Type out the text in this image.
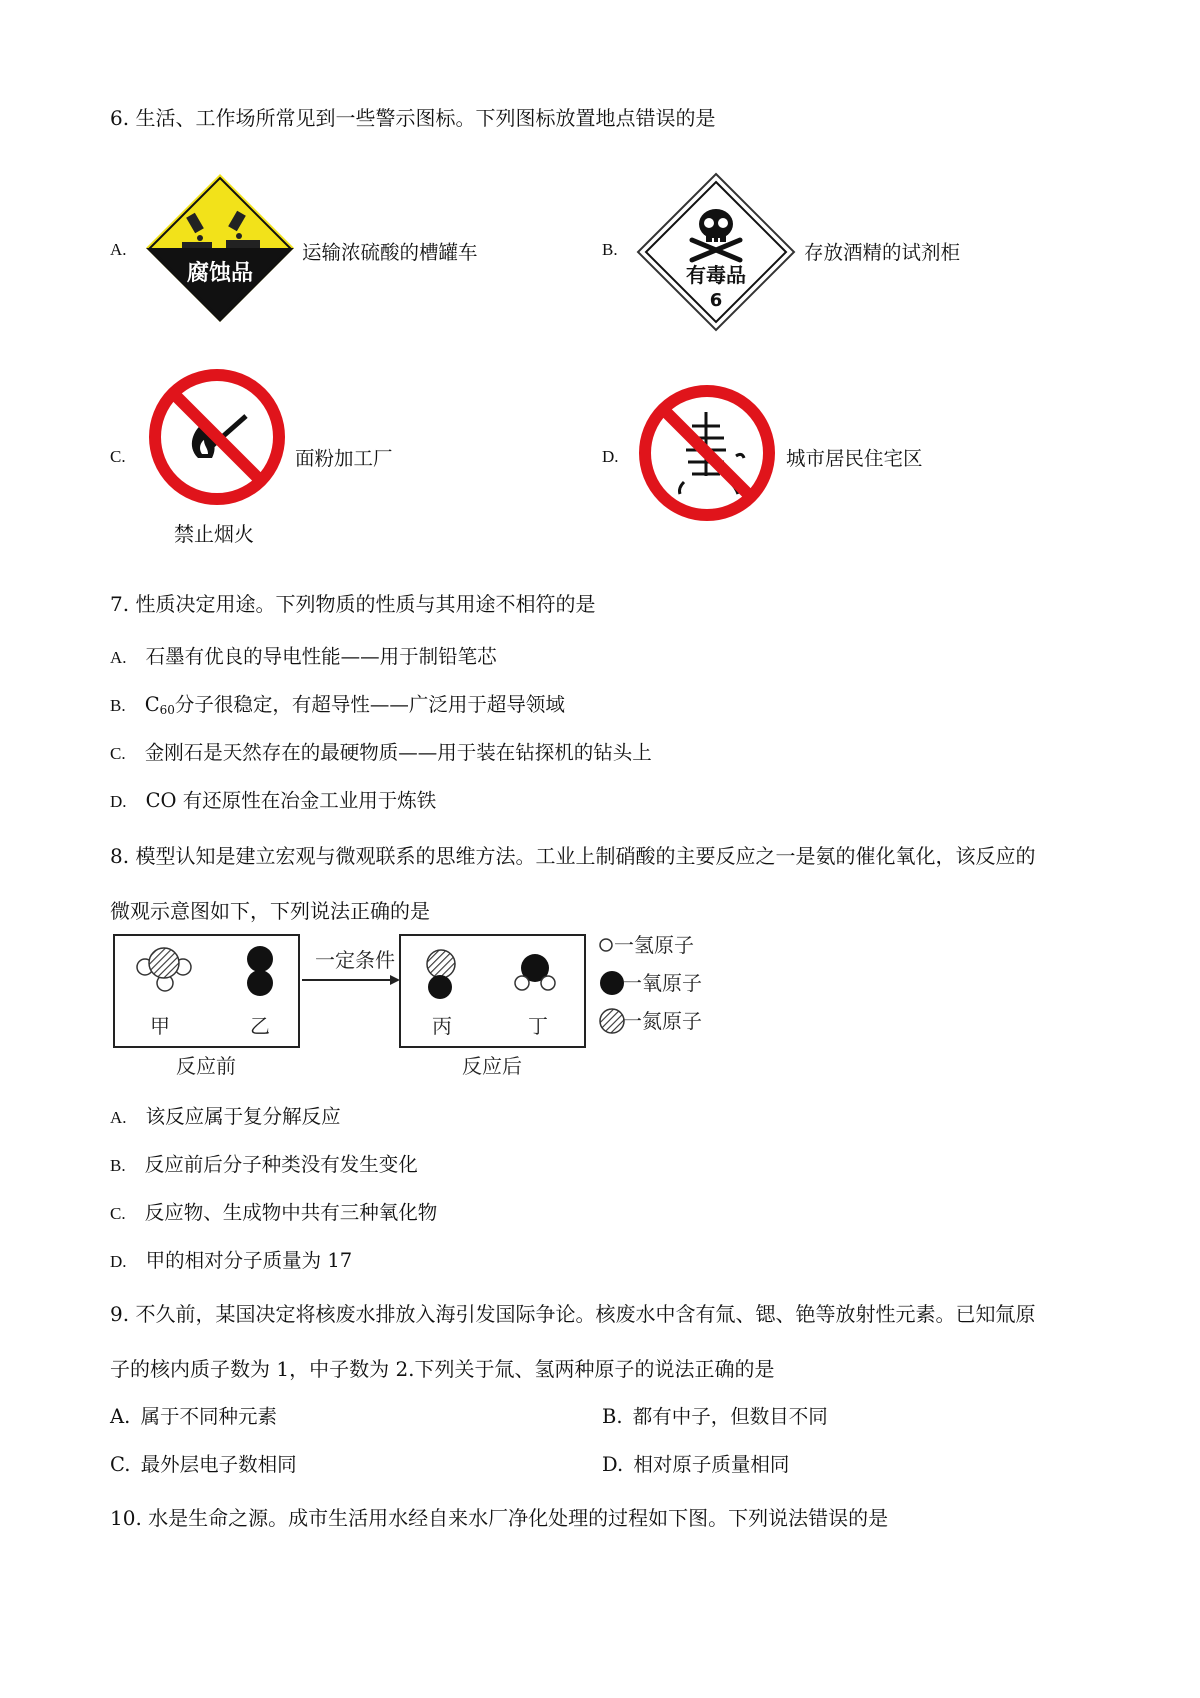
6. 生活、工作场所常见到一些警示图标。下列图标放置地点错误的是
A.
腐蚀品
运输浓硫酸的槽罐车	B.
有毒品
6
存放酒精的试剂柜
C.
禁止烟火
面粉加工厂	D.	城市居民住宅区
7. 性质决定用途。下列物质的性质与其用途不相符的是
A. 石墨有优良的导电性能——用于制铅笔芯
B. $C_{60}$分子很稳定，有超导性——广泛用于超导领域
C. 金刚石是天然存在的最硬物质——用于装在钻探机的钻头上
D. CO 有还原性在冶金工业用于炼铁
8. 模型认知是建立宏观与微观联系的思维方法。工业上制硝酸的主要反应之一是氨的催化氧化，该反应的
微观示意图如下，下列说法正确的是
甲	乙
一定条件
丙	丁
反应前	反应后
一氢原子
一氧原子
一氮原子
A. 该反应属于复分解反应
B. 反应前后分子种类没有发生变化
C. 反应物、生成物中共有三种氧化物
D. 甲的相对分子质量为 17
9. 不久前，某国决定将核废水排放入海引发国际争论。核废水中含有氚、锶、铯等放射性元素。已知氚原
子的核内质子数为 1，中子数为 2.下列关于氚、氢两种原子的说法正确的是
A. 属于不同种元素	B. 都有中子，但数目不同
C. 最外层电子数相同	D. 相对原子质量相同
10. 水是生命之源。成市生活用水经自来水厂净化处理的过程如下图。下列说法错误的是
